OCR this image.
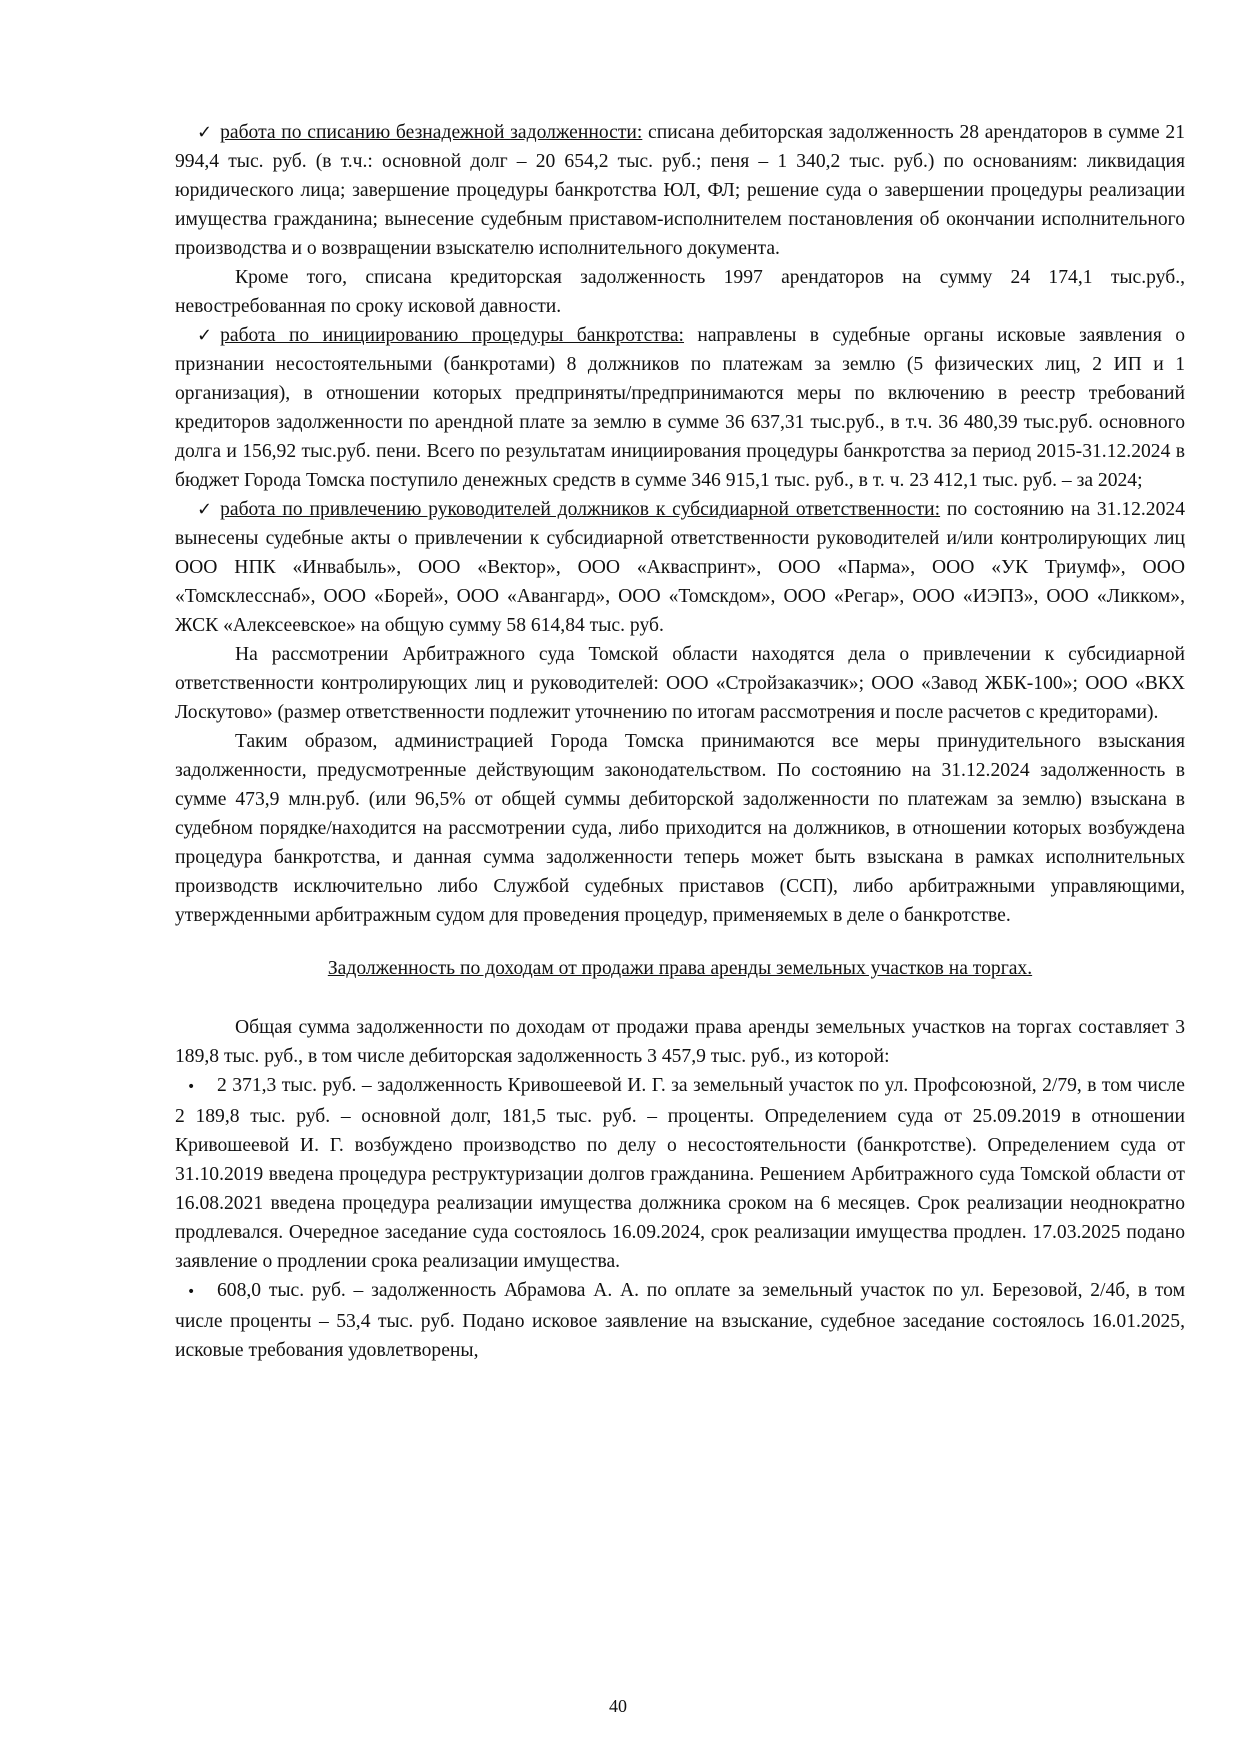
✓ работа по списанию безнадежной задолженности: списана дебиторская задолженность 28 арендаторов в сумме 21 994,4 тыс. руб. (в т.ч.: основной долг – 20 654,2 тыс. руб.; пеня – 1 340,2 тыс. руб.) по основаниям: ликвидация юридического лица; завершение процедуры банкротства ЮЛ, ФЛ; решение суда о завершении процедуры реализации имущества гражданина; вынесение судебным приставом-исполнителем постановления об окончании исполнительного производства и о возвращении взыскателю исполнительного документа.

Кроме того, списана кредиторская задолженность 1997 арендаторов на сумму 24 174,1 тыс.руб., невостребованная по сроку исковой давности.

✓ работа по инициированию процедуры банкротства: направлены в судебные органы исковые заявления о признании несостоятельными (банкротами) 8 должников по платежам за землю (5 физических лиц, 2 ИП и 1 организация), в отношении которых предприняты/предпринимаются меры по включению в реестр требований кредиторов задолженности по арендной плате за землю в сумме 36 637,31 тыс.руб., в т.ч. 36 480,39 тыс.руб. основного долга и 156,92 тыс.руб. пени. Всего по результатам инициирования процедуры банкротства за период 2015-31.12.2024 в бюджет Города Томска поступило денежных средств в сумме 346 915,1 тыс. руб., в т. ч. 23 412,1 тыс. руб. – за 2024;

✓ работа по привлечению руководителей должников к субсидиарной ответственности: по состоянию на 31.12.2024 вынесены судебные акты о привлечении к субсидиарной ответственности руководителей и/или контролирующих лиц ООО НПК «Инвабыль», ООО «Вектор», ООО «Акваспринт», ООО «Парма», ООО «УК Триумф», ООО «Томсклесснаб», ООО «Борей», ООО «Авангард», ООО «Томскдом», ООО «Регар», ООО «ИЭПЗ», ООО «Ликком», ЖСК «Алексеевское» на общую сумму 58 614,84 тыс. руб.

На рассмотрении Арбитражного суда Томской области находятся дела о привлечении к субсидиарной ответственности контролирующих лиц и руководителей: ООО «Стройзаказчик»; ООО «Завод ЖБК-100»; ООО «ВКХ Лоскутово» (размер ответственности подлежит уточнению по итогам рассмотрения и после расчетов с кредиторами).

Таким образом, администрацией Города Томска принимаются все меры принудительного взыскания задолженности, предусмотренные действующим законодательством. По состоянию на 31.12.2024 задолженность в сумме 473,9 млн.руб. (или 96,5% от общей суммы дебиторской задолженности по платежам за землю) взыскана в судебном порядке/находится на рассмотрении суда, либо приходится на должников, в отношении которых возбуждена процедура банкротства, и данная сумма задолженности теперь может быть взыскана в рамках исполнительных производств исключительно либо Службой судебных приставов (ССП), либо арбитражными управляющими, утвержденными арбитражным судом для проведения процедур, применяемых в деле о банкротстве.

Задолженность по доходам от продажи права аренды земельных участков на торгах.

Общая сумма задолженности по доходам от продажи права аренды земельных участков на торгах составляет 3 189,8 тыс. руб., в том числе дебиторская задолженность 3 457,9 тыс. руб., из которой:

• 2 371,3 тыс. руб. – задолженность Кривошеевой И. Г. за земельный участок по ул. Профсоюзной, 2/79, в том числе 2 189,8 тыс. руб. – основной долг, 181,5 тыс. руб. – проценты. Определением суда от 25.09.2019 в отношении Кривошеевой И. Г. возбуждено производство по делу о несостоятельности (банкротстве). Определением суда от 31.10.2019 введена процедура реструктуризации долгов гражданина. Решением Арбитражного суда Томской области от 16.08.2021 введена процедура реализации имущества должника сроком на 6 месяцев. Срок реализации неоднократно продлевался. Очередное заседание суда состоялось 16.09.2024, срок реализации имущества продлен. 17.03.2025 подано заявление о продлении срока реализации имущества.

• 608,0 тыс. руб. – задолженность Абрамова А. А. по оплате за земельный участок по ул. Березовой, 2/4б, в том числе проценты – 53,4 тыс. руб. Подано исковое заявление на взыскание, судебное заседание состоялось 16.01.2025, исковые требования удовлетворены,

40
